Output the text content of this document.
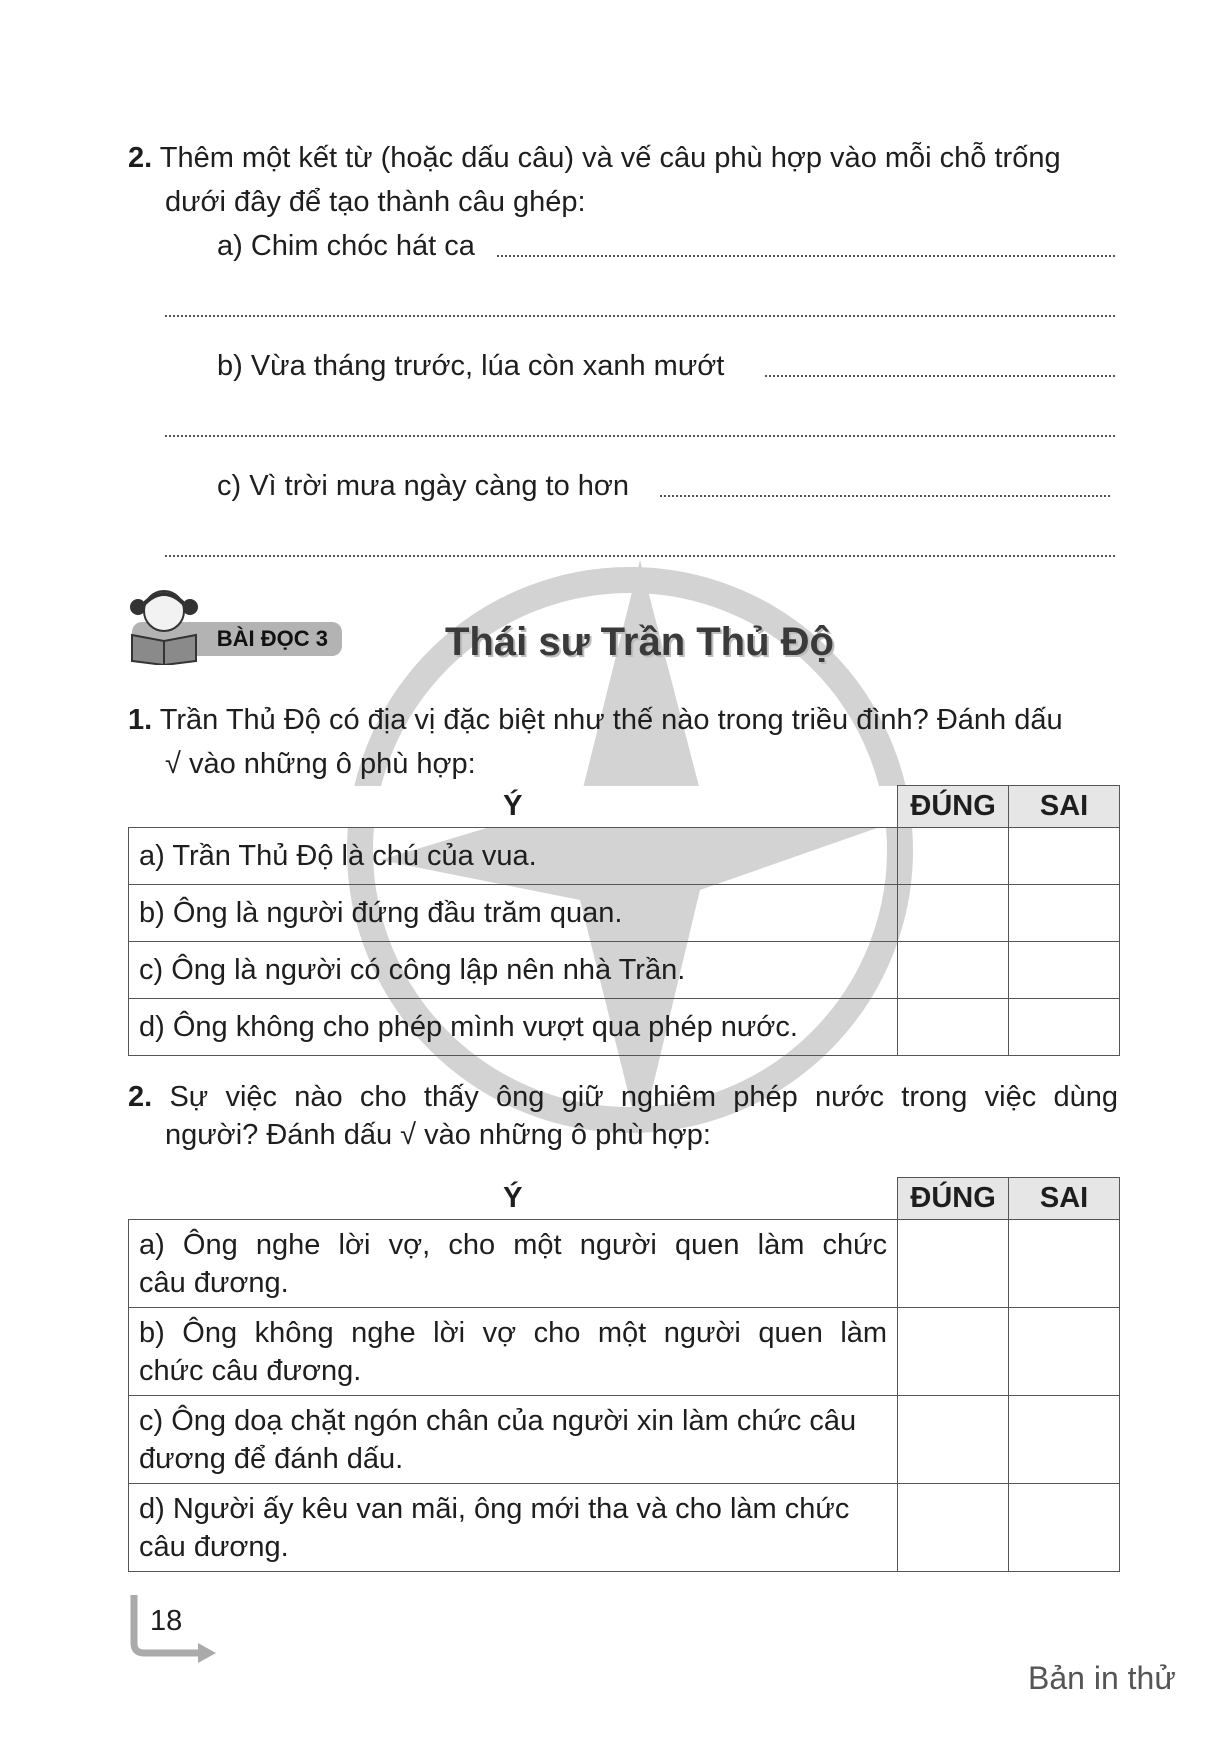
2. Thêm một kết từ (hoặc dấu câu) và vế câu phù hợp vào mỗi chỗ trống
dưới đây để tạo thành câu ghép:
a) Chim chóc hát ca
b) Vừa tháng trước, lúa còn xanh mướt
c) Vì trời mưa ngày càng to hơn
BÀI ĐỌC 3	Thái sư Trần Thủ Độ
1. Trần Thủ Độ có địa vị đặc biệt như thế nào trong triều đình? Đánh dấu
√ vào những ô phù hợp:
Ý	ĐÚNG	SAI
a) Trần Thủ Độ là chú của vua.		
b) Ông là người đứng đầu trăm quan.		
c) Ông là người có công lập nên nhà Trần.		
d) Ông không cho phép mình vượt qua phép nước.		
2. Sự việc nào cho thấy ông giữ nghiêm phép nước trong việc dùng
người? Đánh dấu √ vào những ô phù hợp:
Ý	ĐÚNG	SAI

a) Ông nghe lời vợ, cho một người quen làm chức
câu đương.		

b) Ông không nghe lời vợ cho một người quen làm
chức câu đương.		

c) Ông doạ chặt ngón chân của người xin làm chức câu
đương để đánh dấu.		

d) Người ấy kêu van mãi, ông mới tha và cho làm chức
câu đương.		

18
Bản in thử
